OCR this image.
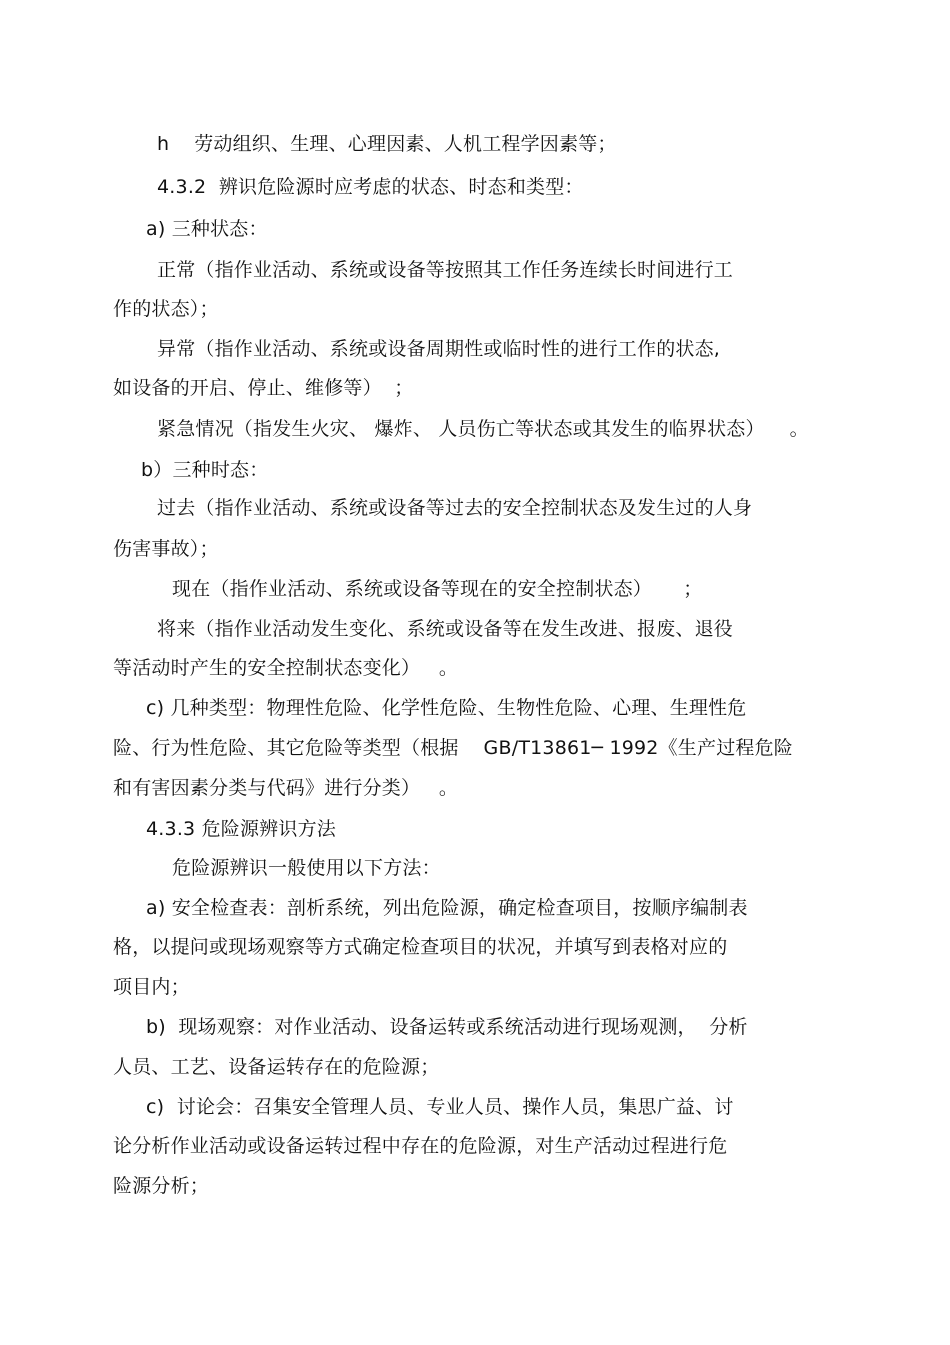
h    劳动组织、生理、心理因素、人机工程学因素等；
4.3.2  辨识危险源时应考虑的状态、时态和类型：
a) 三种状态：
正常（指作业活动、系统或设备等按照其工作任务连续长时间进行工
作的状态）；
异常（指作业活动、系统或设备周期性或临时性的进行工作的状态,
如设备的开启、停止、维修等）  ；
紧急情况（指发生火灾、 爆炸、 人员伤亡等状态或其发生的临界状态）    。
b）三种时态：
过去（指作业活动、系统或设备等过去的安全控制状态及发生过的人身
伤害事故）；
现在（指作业活动、系统或设备等现在的安全控制状态）     ；
将来（指作业活动发生变化、系统或设备等在发生改进、报废、退役
等活动时产生的安全控制状态变化）   。
c) 几种类型：物理性危险、化学性危险、生物性危险、心理、生理性危
险、行为性危险、其它危险等类型（根据    GB/T13861─ 1992《生产过程危险
和有害因素分类与代码》进行分类）   。
4.3.3 危险源辨识方法
危险源辨识一般使用以下方法：
a) 安全检查表：剖析系统，列出危险源，确定检查项目，按顺序编制表
格，以提问或现场观察等方式确定检查项目的状况，并填写到表格对应的
项目内；
b)  现场观察：对作业活动、设备运转或系统活动进行现场观测，  分析
人员、工艺、设备运转存在的危险源；
c)  讨论会：召集安全管理人员、专业人员、操作人员，集思广益、讨
论分析作业活动或设备运转过程中存在的危险源，对生产活动过程进行危
险源分析；
